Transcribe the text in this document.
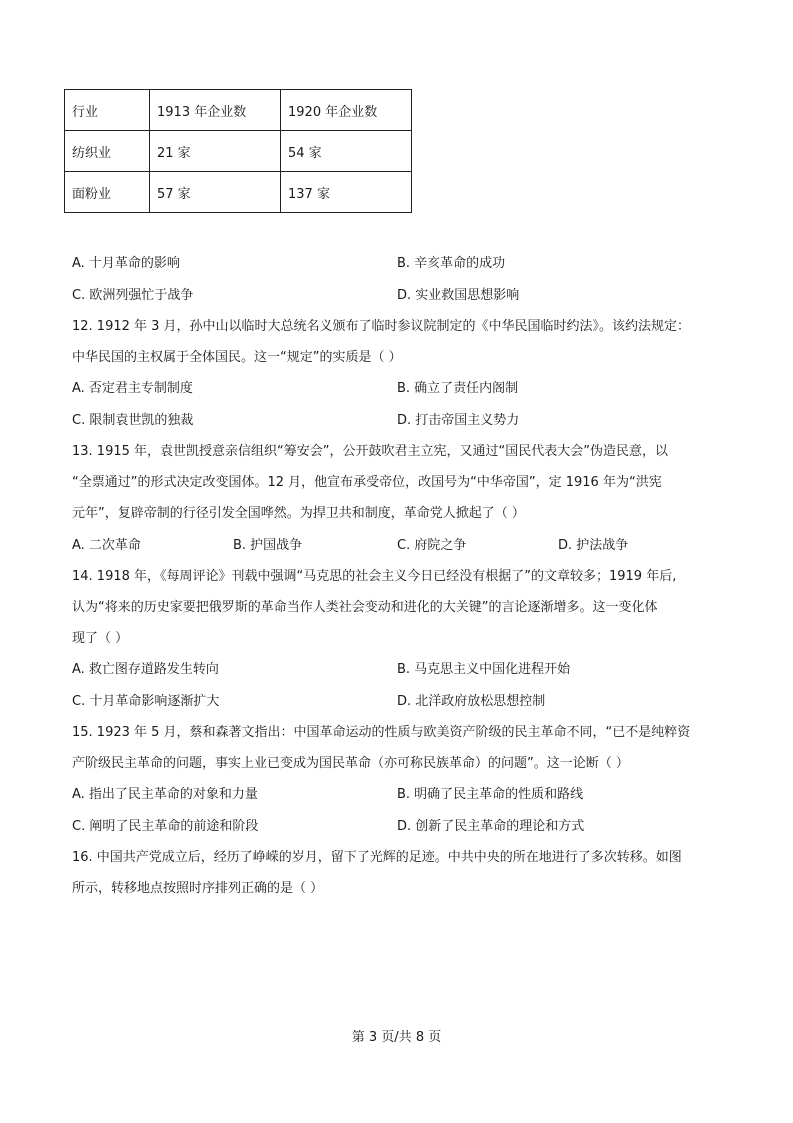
行业	1913 年企业数	1920 年企业数
纺织业	21 家	54 家
面粉业	57 家	137 家
A. 十月革命的影响	B. 辛亥革命的成功
C. 欧洲列强忙于战争	D. 实业救国思想影响
12. 1912 年 3 月，孙中山以临时大总统名义颁布了临时参议院制定的《中华民国临时约法》。该约法规定：
中华民国的主权属于全体国民。这一“规定”的实质是（ ）
A. 否定君主专制制度	B. 确立了责任内阁制
C. 限制袁世凯的独裁	D. 打击帝国主义势力
13. 1915 年，袁世凯授意亲信组织“筹安会”，公开鼓吹君主立宪，又通过“国民代表大会”伪造民意，以
“全票通过”的形式决定改变国体。12 月，他宣布承受帝位，改国号为“中华帝国”，定 1916 年为“洪宪
元年”，复辟帝制的行径引发全国哗然。为捍卫共和制度，革命党人掀起了（ ）
A. 二次革命	B. 护国战争	C. 府院之争	D. 护法战争
14. 1918 年，《每周评论》刊载中强调“马克思的社会主义今日已经没有根据了”的文章较多；1919 年后,
认为“将来的历史家要把俄罗斯的革命当作人类社会变动和进化的大关键”的言论逐渐增多。这一变化体
现了（ ）
A. 救亡图存道路发生转向	B. 马克思主义中国化进程开始
C. 十月革命影响逐渐扩大	D. 北洋政府放松思想控制
15. 1923 年 5 月，蔡和森著文指出：中国革命运动的性质与欧美资产阶级的民主革命不同，“已不是纯粹资
产阶级民主革命的问题，事实上业已变成为国民革命（亦可称民族革命）的问题”。这一论断（ ）
A. 指出了民主革命的对象和力量	B. 明确了民主革命的性质和路线
C. 阐明了民主革命的前途和阶段	D. 创新了民主革命的理论和方式
16. 中国共产党成立后，经历了峥嵘的岁月，留下了光辉的足迹。中共中央的所在地进行了多次转移。如图
所示，转移地点按照时序排列正确的是（ ）
第 3 页/共 8 页
